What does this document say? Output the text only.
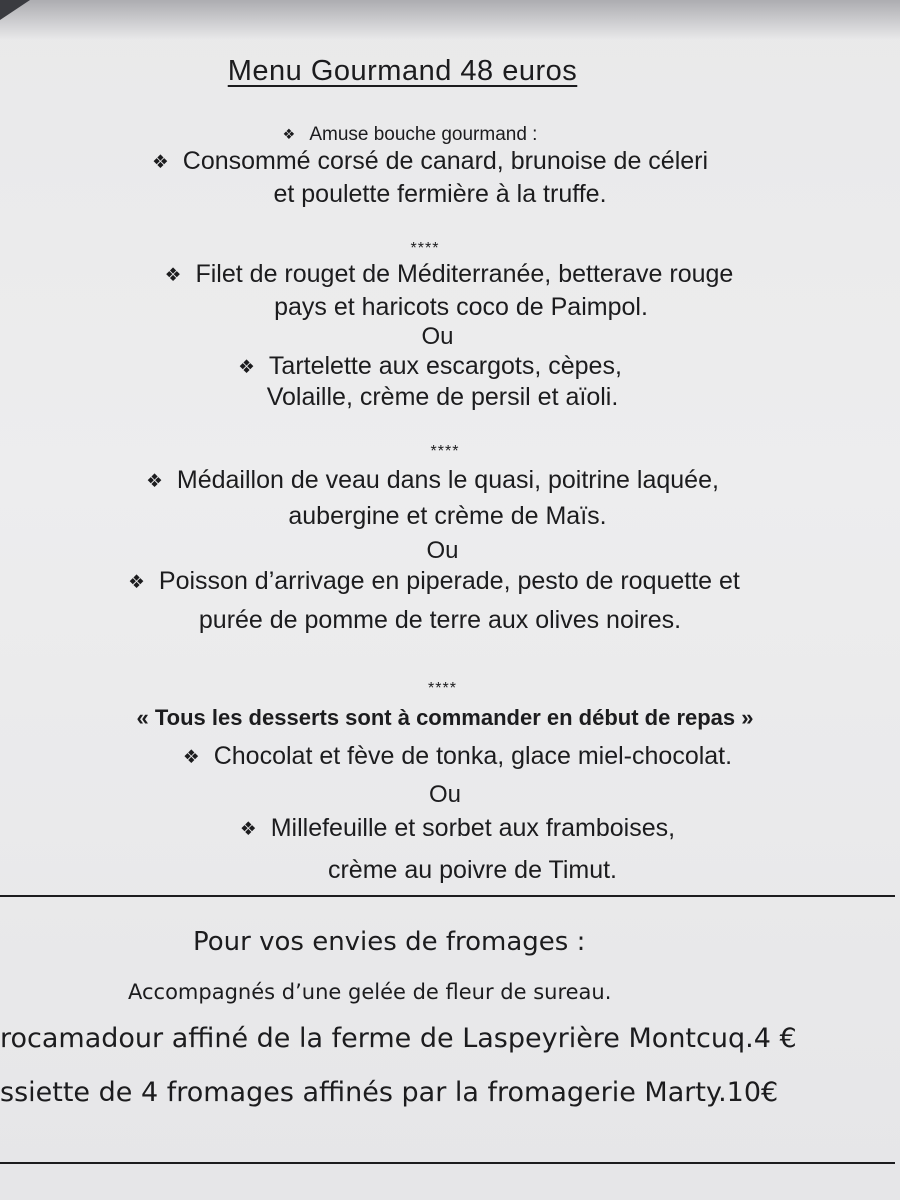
Menu Gourmand 48 euros
❖ Amuse bouche gourmand :
❖ Consommé corsé de canard, brunoise de céleri
et poulette fermière à la truffe.
****
❖ Filet de rouget de Méditerranée, betterave rouge
pays et haricots coco de Paimpol.
Ou
❖ Tartelette aux escargots, cèpes,
Volaille, crème de persil et aïoli.
****
❖ Médaillon de veau dans le quasi, poitrine laquée,
aubergine et crème de Maïs.
Ou
❖ Poisson d’arrivage en piperade, pesto de roquette et
purée de pomme de terre aux olives noires.
****
« Tous les desserts sont à commander en début de repas »
❖ Chocolat et fève de tonka, glace miel-chocolat.
Ou
❖ Millefeuille et sorbet aux framboises,
crème au poivre de Timut.
Pour vos envies de fromages :
Accompagnés d’une gelée de fleur de sureau.
rocamadour affiné de la ferme de Laspeyrière Montcuq.4 €
ssiette de 4 fromages affinés par la fromagerie Marty.10€
